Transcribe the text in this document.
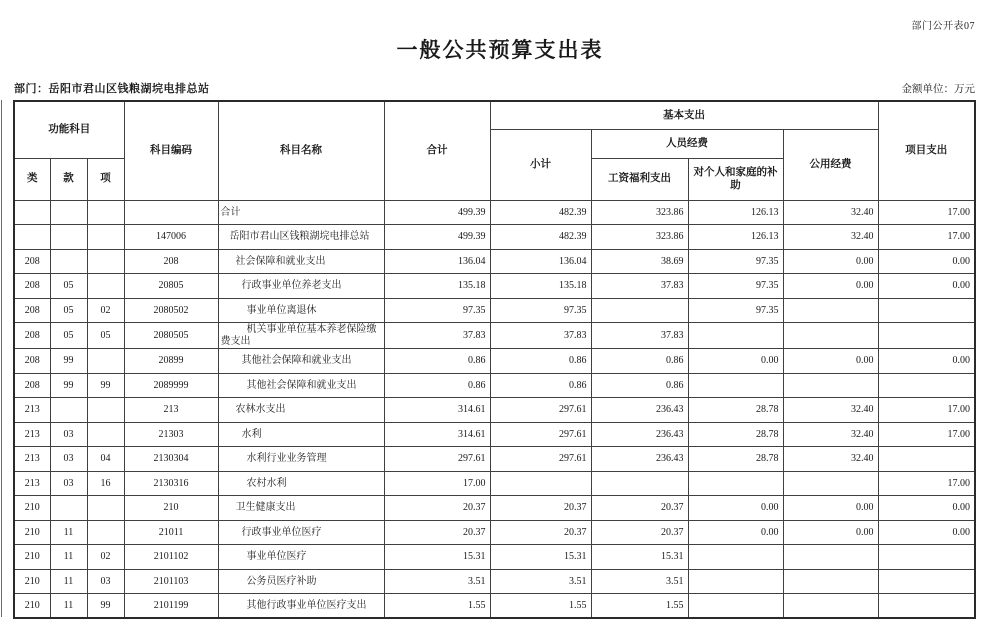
部门公开表07
一般公共预算支出表
部门：岳阳市君山区钱粮湖垸电排总站	金额单位：万元
功能科目			科目编码	科目名称	合计	基本支出				项目支出
						小计	人员经费		公用经费	
类	款	项					工资福利支出	对个人和家庭的补助		
				合计	499.39	482.39	323.86	126.13	32.40	17.00
			147006	岳阳市君山区钱粮湖垸电排总站	499.39	482.39	323.86	126.13	32.40	17.00
208			208	社会保障和就业支出	136.04	136.04	38.69	97.35	0.00	0.00
208	05		20805	行政事业单位养老支出	135.18	135.18	37.83	97.35	0.00	0.00
208	05	02	2080502	事业单位离退休	97.35	97.35		97.35		
208	05	05	2080505	机关事业单位基本养老保险缴费支出	37.83	37.83	37.83			
208	99		20899	其他社会保障和就业支出	0.86	0.86	0.86	0.00	0.00	0.00
208	99	99	2089999	其他社会保障和就业支出	0.86	0.86	0.86			
213			213	农林水支出	314.61	297.61	236.43	28.78	32.40	17.00
213	03		21303	水利	314.61	297.61	236.43	28.78	32.40	17.00
213	03	04	2130304	水利行业业务管理	297.61	297.61	236.43	28.78	32.40	
213	03	16	2130316	农村水利	17.00					17.00
210			210	卫生健康支出	20.37	20.37	20.37	0.00	0.00	0.00
210	11		21011	行政事业单位医疗	20.37	20.37	20.37	0.00	0.00	0.00
210	11	02	2101102	事业单位医疗	15.31	15.31	15.31			
210	11	03	2101103	公务员医疗补助	3.51	3.51	3.51			
210	11	99	2101199	其他行政事业单位医疗支出	1.55	1.55	1.55			
